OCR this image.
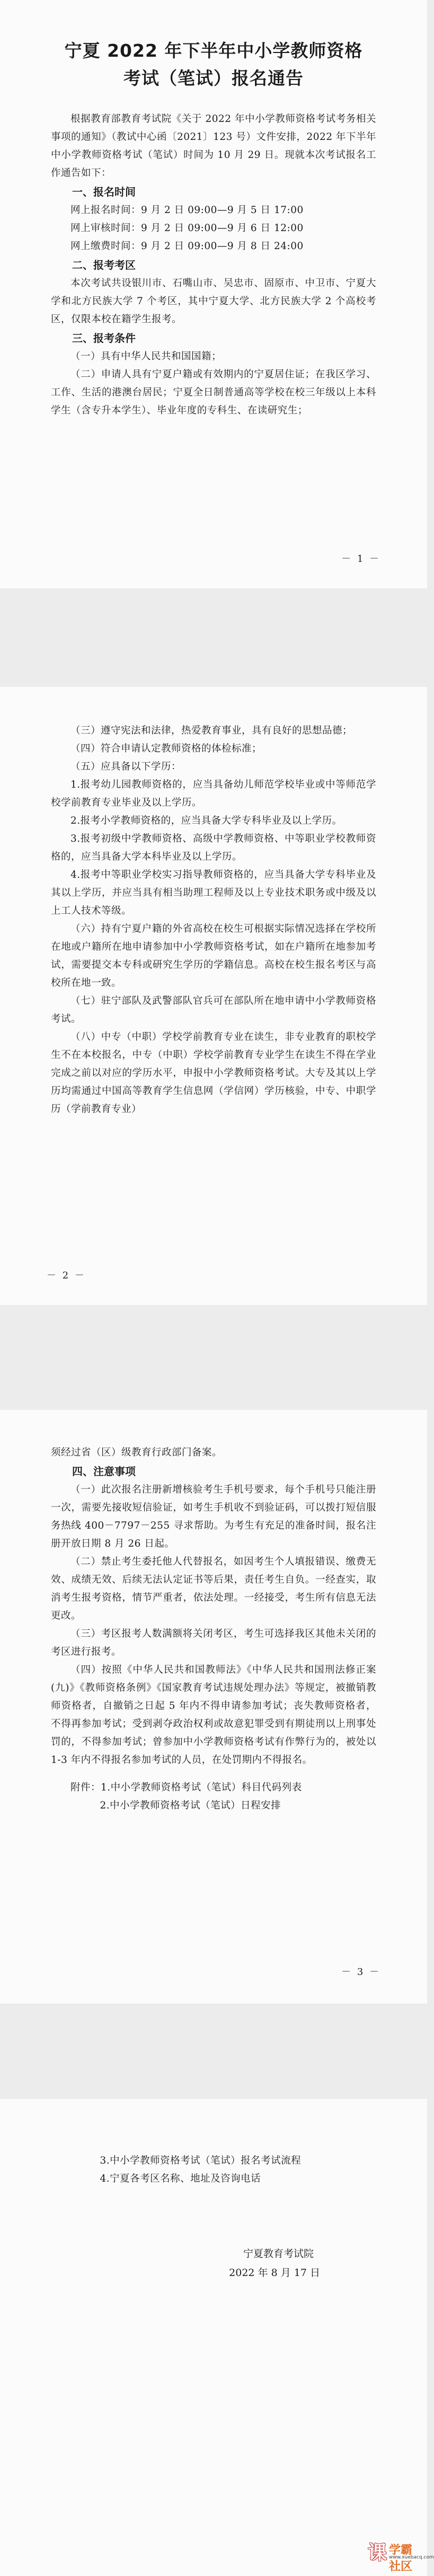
宁夏 2022 年下半年中小学教师资格

考试（笔试）报名通告

根据教育部教育考试院《关于 2022 年中小学教师资格考试考务相关事项的通知》（教试中心函〔2021〕123 号）文件安排，2022 年下半年中小学教师资格考试（笔试）时间为 10 月 29 日。现就本次考试报名工作通告如下：

一、报名时间

网上报名时间：9 月 2 日 09:00—9 月 5 日 17:00

网上审核时间：9 月 2 日 09:00—9 月 6 日 12:00

网上缴费时间：9 月 2 日 09:00—9 月 8 日 24:00

二、报考考区

本次考试共设银川市、石嘴山市、吴忠市、固原市、中卫市、宁夏大学和北方民族大学 7 个考区，其中宁夏大学、北方民族大学 2 个高校考区，仅限本校在籍学生报考。

三、报考条件

（一）具有中华人民共和国国籍；

（二）申请人具有宁夏户籍或有效期内的宁夏居住证；在我区学习、工作、生活的港澳台居民；宁夏全日制普通高等学校在校三年级以上本科学生（含专升本学生）、毕业年度的专科生、在读研究生；

－ 1 －

（三）遵守宪法和法律，热爱教育事业，具有良好的思想品德；

（四）符合申请认定教师资格的体检标准；

（五）应具备以下学历：

1.报考幼儿园教师资格的，应当具备幼儿师范学校毕业或中等师范学校学前教育专业毕业及以上学历。

2.报考小学教师资格的，应当具备大学专科毕业及以上学历。

3.报考初级中学教师资格、高级中学教师资格、中等职业学校教师资格的，应当具备大学本科毕业及以上学历。

4.报考中等职业学校实习指导教师资格的，应当具备大学专科毕业及其以上学历，并应当具有相当助理工程师及以上专业技术职务或中级及以上工人技术等级。

（六）持有宁夏户籍的外省高校在校生可根据实际情况选择在学校所在地或户籍所在地申请参加中小学教师资格考试，如在户籍所在地参加考试，需要提交本专科或研究生学历的学籍信息。高校在校生报名考区与高校所在地一致。

（七）驻宁部队及武警部队官兵可在部队所在地申请中小学教师资格考试。

（八）中专（中职）学校学前教育专业在读生，非专业教育的职校学生不在本校报名，中专（中职）学校学前教育专业学生在读生不得在学业完成之前以对应的学历水平，申报中小学教师资格考试。大专及其以上学历均需通过中国高等教育学生信息网（学信网）学历核验，中专、中职学历（学前教育专业）

－ 2 －

须经过省（区）级教育行政部门备案。

四、注意事项

（一）此次报名注册新增核验考生手机号要求，每个手机号只能注册一次，需要先接收短信验证，如考生手机收不到验证码，可以拨打短信服务热线 400－7797－255 寻求帮助。为考生有充足的准备时间，报名注册开放日期 8 月 26 日起。

（二）禁止考生委托他人代替报名，如因考生个人填报错误、缴费无效、成绩无效、后续无法认定证书等后果，责任考生自负。一经查实，取消考生报考资格，情节严重者，依法处理。一经接受，考生所有信息无法更改。

（三）考区报考人数满额将关闭考区，考生可选择我区其他未关闭的考区进行报考。

（四）按照《中华人民共和国教师法》《中华人民共和国刑法修正案(九)》《教师资格条例》《国家教育考试违规处理办法》等规定，被撤销教师资格者，自撤销之日起 5 年内不得申请参加考试；丧失教师资格者，不得再参加考试；受到剥夺政治权利或故意犯罪受到有期徒刑以上刑事处罚的，不得参加考试；曾参加中小学教师资格考试有作弊行为的，被处以 1-3 年内不得报名参加考试的人员，在处罚期内不得报名。

附件：1.中小学教师资格考试（笔试）科目代码列表

2.中小学教师资格考试（笔试）日程安排

－ 3 －

3.中小学教师资格考试（笔试）报名考试流程

4.宁夏各考区名称、地址及咨询电话

宁夏教育考试院

2022 年 8 月 17 日

课 学霸社区
www.xuebacq.com
